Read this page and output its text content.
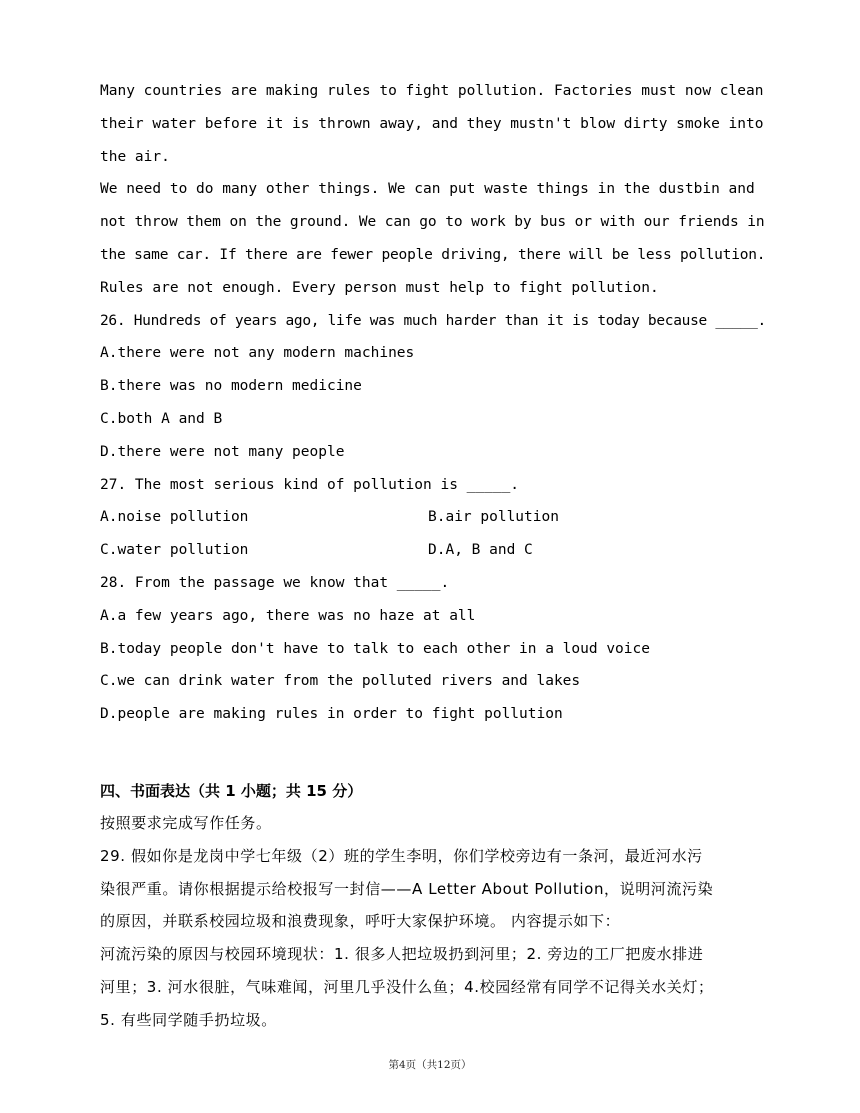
Many countries are making rules to fight pollution. Factories must now clean
their water before it is thrown away, and they mustn't blow dirty smoke into
the air.
We need to do many other things. We can put waste things in the dustbin and
not throw them on the ground. We can go to work by bus or with our friends in
the same car. If there are fewer people driving, there will be less pollution.
Rules are not enough. Every person must help to fight pollution.
26. Hundreds of years ago, life was much harder than it is today because _____.
A.there were not any modern machines
B.there was no modern medicine
C.both A and B
D.there were not many people
27. The most serious kind of pollution is _____.
A.noise pollution	B.air pollution
C.water pollution	D.A, B and C
28. From the passage we know that _____.
A.a few years ago, there was no haze at all
B.today people don't have to talk to each other in a loud voice
C.we can drink water from the polluted rivers and lakes
D.people are making rules in order to fight pollution
四、书面表达（共 1 小题；共 15 分）
按照要求完成写作任务。
29. 假如你是龙岗中学七年级（2）班的学生李明，你们学校旁边有一条河，最近河水污
染很严重。请你根据提示给校报写一封信——A Letter About Pollution，说明河流污染
的原因，并联系校园垃圾和浪费现象，呼吁大家保护环境。 内容提示如下：
河流污染的原因与校园环境现状：1. 很多人把垃圾扔到河里；2. 旁边的工厂把废水排进
河里；3. 河水很脏，气味难闻，河里几乎没什么鱼；4.校园经常有同学不记得关水关灯；
5. 有些同学随手扔垃圾。
第4页（共12页）
